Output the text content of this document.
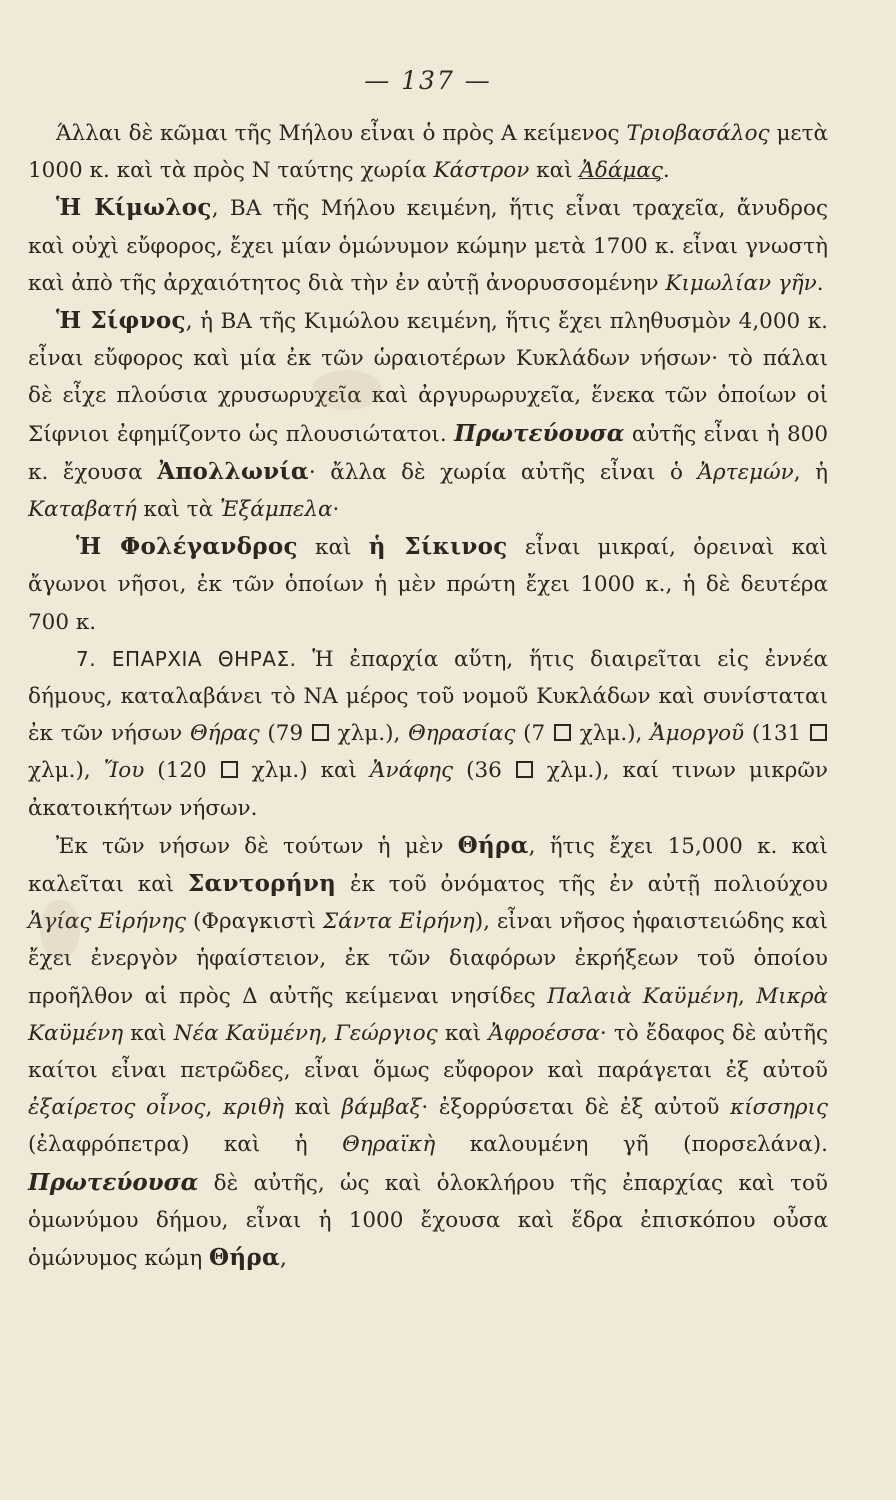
— 137 —

Άλλαι δὲ κῶμαι τῆς Μήλου εἶναι ὁ πρὸς Α κείμενος Τριοβασάλος μετὰ 1000 κ. καὶ τὰ πρὸς Ν ταύτης χωρία Κάστρον καὶ Ἀδάμας.

Ἡ Κίμωλος, ΒΑ τῆς Μήλου κειμένη, ἥτις εἶναι τραχεῖα, ἄνυδρος καὶ οὐχὶ εὔφορος, ἔχει μίαν ὁμώνυμον κώμην μετὰ 1700 κ. εἶναι γνωστὴ καὶ ἀπὸ τῆς ἀρχαιότητος διὰ τὴν ἐν αὐτῇ ἀνορυσσομένην Κιμωλίαν γῆν.

Ἡ Σίφνος, ἡ ΒΑ τῆς Κιμώλου κειμένη, ἥτις ἔχει πληθυσμὸν 4,000 κ. εἶναι εὔφορος καὶ μία ἐκ τῶν ὡραιοτέρων Κυκλάδων νήσων· τὸ πάλαι δὲ εἶχε πλούσια χρυσωρυχεῖα καὶ ἀργυρωρυχεῖα, ἕνεκα τῶν ὁποίων οἱ Σίφνιοι ἐφημίζοντο ὡς πλουσιώτατοι. Πρωτεύουσα αὐτῆς εἶναι ἡ 800 κ. ἔχουσα Ἀπολλωνία· ἄλλα δὲ χωρία αὐτῆς εἶναι ὁ Ἀρτεμών, ἡ Καταβατή καὶ τὰ Ἐξάμπελα·

Ἡ Φολέγανδρος καὶ ἡ Σίκινος εἶναι μικραί, ὀρειναὶ καὶ ἄγωνοι νῆσοι, ἐκ τῶν ὁποίων ἡ μὲν πρώτη ἔχει 1000 κ., ἡ δὲ δευτέρα 700 κ.

7. ΕΠΑΡΧΙΑ ΘΗΡΑΣ. Ἡ ἐπαρχία αὕτη, ἥτις διαιρεῖται εἰς ἐννέα δήμους, καταλαβάνει τὸ ΝΑ μέρος τοῦ νομοῦ Κυκλάδων καὶ συνίσταται ἐκ τῶν νήσων Θήρας (79  χλμ.), Θηρασίας (7  χλμ.), Ἀμοργοῦ (131  χλμ.), Ἴου (120  χλμ.) καὶ Ἀνάφης (36  χλμ.), καί τινων μικρῶν ἀκατοικήτων νήσων.

Ἐκ τῶν νήσων δὲ τούτων ἡ μὲν Θήρα, ἥτις ἔχει 15,000 κ. καὶ καλεῖται καὶ Σαντορήνη ἐκ τοῦ ὀνόματος τῆς ἐν αὐτῇ πολιούχου Ἁγίας Εἰρήνης (Φραγκιστὶ Σάντα Εἰρήνη), εἶναι νῆσος ἡφαιστειώδης καὶ ἔχει ἐνεργὸν ἡφαίστειον, ἐκ τῶν διαφόρων ἐκρήξεων τοῦ ὁποίου προῆλθον αἱ πρὸς Δ αὐτῆς κείμεναι νησίδες Παλαιὰ Καϋμένη, Μικρὰ Καϋμένη καὶ Νέα Καϋμένη, Γεώργιος καὶ Ἀφροέσσα· τὸ ἔδαφος δὲ αὐτῆς καίτοι εἶναι πετρῶδες, εἶναι ὅμως εὔφορον καὶ παράγεται ἐξ αὐτοῦ ἐξαίρετος οἶνος, κριθὴ καὶ βάμβαξ· ἐξορρύσεται δὲ ἐξ αὐτοῦ κίσσηρις (ἐλαφρόπετρα) καὶ ἡ Θηραϊκὴ καλουμένη γῆ (πορσελάνα). Πρωτεύουσα δὲ αὐτῆς, ὡς καὶ ὁλοκλήρου τῆς ἐπαρχίας καὶ τοῦ ὁμωνύμου δήμου, εἶναι ἡ 1000 ἔχουσα καὶ ἕδρα ἐπισκόπου οὖσα ὁμώνυμος κώμη Θήρα,
